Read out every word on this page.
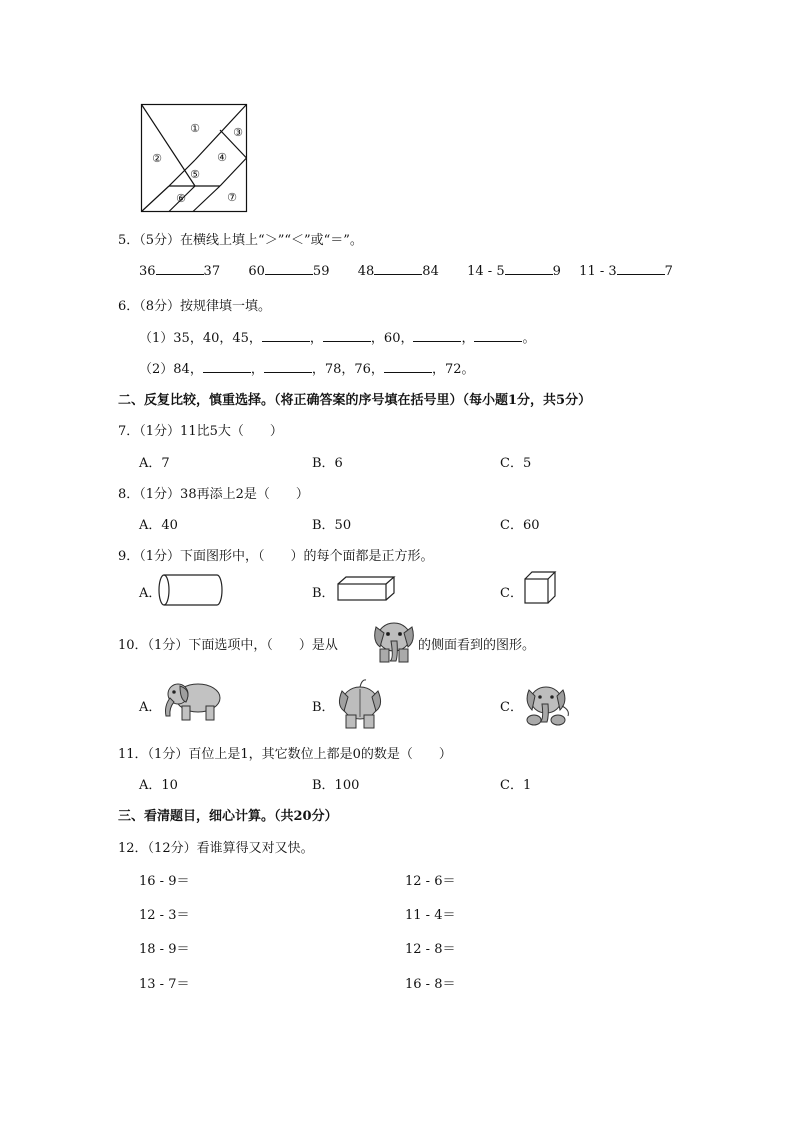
①
②
③
④
⑤
⑥	⑦
5．（5分）在横线上填上“＞”“＜”或“＝”。
36	37 60	59 48	84 14 - 5	9 11 - 3	7
6．（8分）按规律填一填。
（1）35，40，45，	，	，60，	，	。
（2）84，	，	，78，76，	，72。
二、反复比较，慎重选择。（将正确答案的序号填在括号里）（每小题1分，共5分）
7．（1分）11比5大（　　）
A．7	B．6	C．5
8．（1分）38再添上2是（　　）
A．40	B．50	C．60
9．（1分）下面图形中，（　　）的每个面都是正方形。
A．	B．	C．
10．（1分）下面选项中，（　　）是从	的侧面看到的图形。
A．	B．	C．
11．（1分）百位上是1，其它数位上都是0的数是（　　）
A．10	B．100	C．1
三、看清题目，细心计算。（共20分）
12．（12分）看谁算得又对又快。
16 - 9＝	12 - 6＝
12 - 3＝	11 - 4＝
18 - 9＝	12 - 8＝
13 - 7＝	16 - 8＝
